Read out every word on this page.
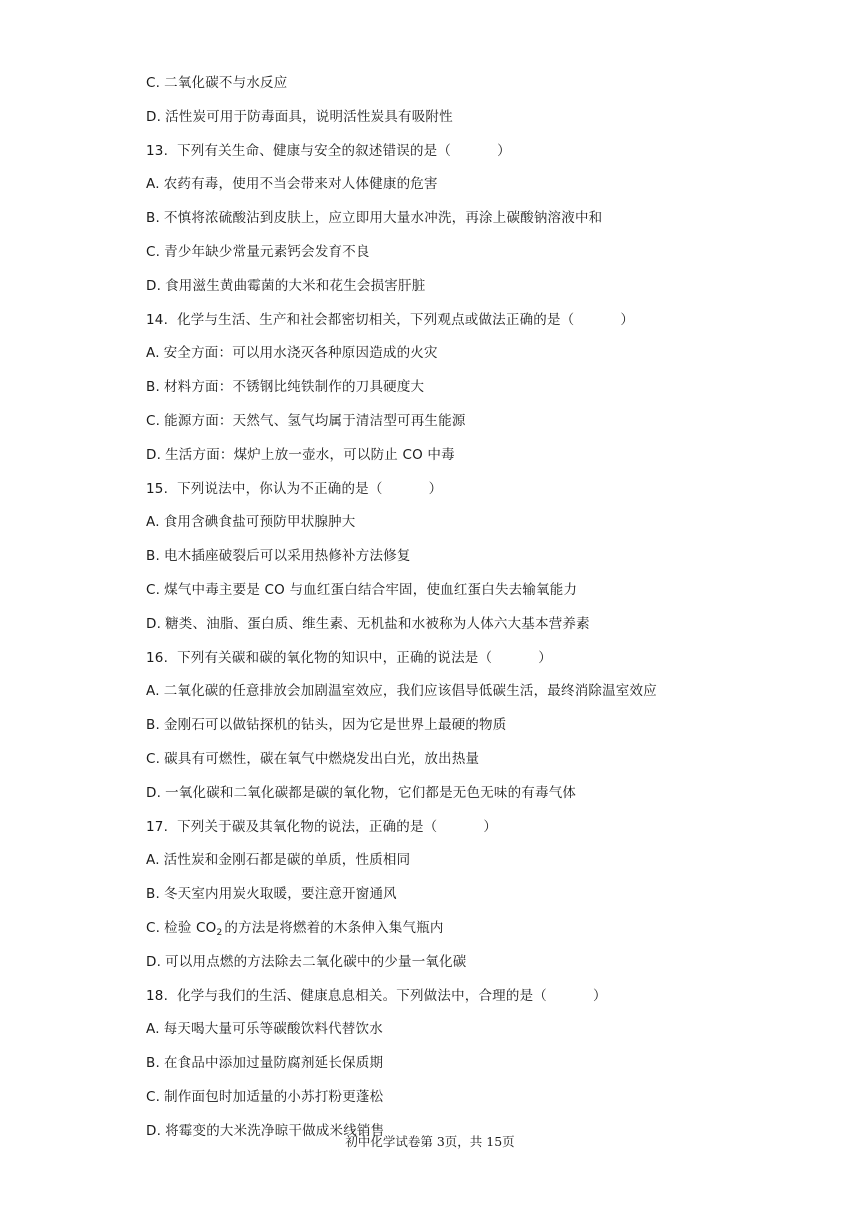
C. 二氧化碳不与水反应
D. 活性炭可用于防毒面具，说明活性炭具有吸附性
13. 下列有关生命、健康与安全的叙述错误的是（	）
A. 农药有毒，使用不当会带来对人体健康的危害
B. 不慎将浓硫酸沾到皮肤上，应立即用大量水冲洗，再涂上碳酸钠溶液中和
C. 青少年缺少常量元素钙会发育不良
D. 食用滋生黄曲霉菌的大米和花生会损害肝脏
14. 化学与生活、生产和社会都密切相关，下列观点或做法正确的是（	）
A. 安全方面：可以用水浇灭各种原因造成的火灾
B. 材料方面：不锈钢比纯铁制作的刀具硬度大
C. 能源方面：天然气、氢气均属于清洁型可再生能源
D. 生活方面：煤炉上放一壶水，可以防止 CO 中毒
15. 下列说法中，你认为不正确的是（	）
A. 食用含碘食盐可预防甲状腺肿大
B. 电木插座破裂后可以采用热修补方法修复
C. 煤气中毒主要是 CO 与血红蛋白结合牢固，使血红蛋白失去输氧能力
D. 糖类、油脂、蛋白质、维生素、无机盐和水被称为人体六大基本营养素
16. 下列有关碳和碳的氧化物的知识中，正确的说法是（	）
A. 二氧化碳的任意排放会加剧温室效应，我们应该倡导低碳生活，最终消除温室效应
B. 金刚石可以做钻探机的钻头，因为它是世界上最硬的物质
C. 碳具有可燃性，碳在氧气中燃烧发出白光，放出热量
D. 一氧化碳和二氧化碳都是碳的氧化物，它们都是无色无味的有毒气体
17. 下列关于碳及其氧化物的说法，正确的是（	）
A. 活性炭和金刚石都是碳的单质，性质相同
B. 冬天室内用炭火取暖，要注意开窗通风
C. 检验 $CO_2$ 的方法是将燃着的木条伸入集气瓶内
D. 可以用点燃的方法除去二氧化碳中的少量一氧化碳
18. 化学与我们的生活、健康息息相关。下列做法中，合理的是（	）
A. 每天喝大量可乐等碳酸饮料代替饮水
B. 在食品中添加过量防腐剂延长保质期
C. 制作面包时加适量的小苏打粉更蓬松
D. 将霉变的大米洗净晾干做成米线销售
初中化学试卷第 3页，共 15页
